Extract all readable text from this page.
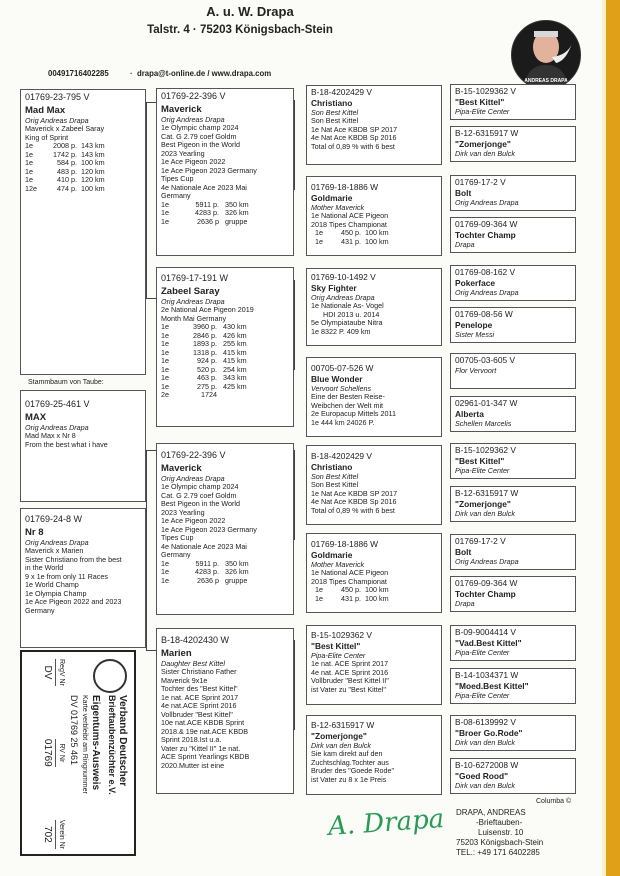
A. u. W. Drapa
Talstr. 4 · 75203 Königsbach-Stein
00491716402285	·  drapa@t-online.de / www.drapa.com
ANDREAS DRAPA
01769-23-795 V
Mad Max
Orig Andreas Drapa
Maverick x Zabeel Saray
King of Sprint
1e	2008 p. 143 km
1e	1742 p. 143 km
1e	584 p. 100 km
1e	483 p. 120 km
1e	410 p. 120 km
12e	474 p. 100 km
Stammbaum von Taube:
01769-25-461 V
MAX
Orig Andreas Drapa
Mad Max x Nr 8
From the best what i have
01769-24-8 W
Nr 8
Orig Andreas Drapa
Maverick x Marien
Sister Christiano from the best
in the World
9 x 1e from only 11 Races
1e World Champ
1e Olympia Champ
1e Ace Pigeon 2022 and 2023
Germany
01769-22-396 V
Maverick
Orig Andreas Drapa
1e Olympic champ 2024
Cat. G 2.79 coef Goldm
Best Pigeon in the World
2023 Yearling
1e Ace Pigeon 2022
1e Ace Pigeon 2023 Germany
Tipes Cup
4e Nationale Ace 2023 Mai
Germany
1e	5911 p. 350 km
1e	4283 p. 326 km
1e	2636 p gruppe
01769-17-191 W
Zabeel Saray
Orig Andreas Drapa
2e National Ace Pigeon 2019
Month Mai Germany
1e	3960 p. 430 km
1e	2846 p. 426 km
1e	1893 p. 255 km
1e	1318 p. 415 km
1e	924 p. 415 km
1e	520 p. 254 km
1e	463 p. 343 km
1e	275 p. 425 km
2e	1724
01769-22-396 V
Maverick
Orig Andreas Drapa
1e Olympic champ 2024
Cat. G 2.79 coef Goldm
Best Pigeon in the World
2023 Yearling
1e Ace Pigeon 2022
1e Ace Pigeon 2023 Germany
Tipes Cup
4e Nationale Ace 2023 Mai
Germany
1e	5911 p. 350 km
1e	4283 p. 326 km
1e	2636 p gruppe
B-18-4202430 W
Marien
Daughter Best Kittel
Sister Christiano Father
Maverick 9x1e
Tochter des "Best Kittel"
1e nat. ACE Sprint 2017
4e nat.ACE Sprint 2016
Vollbruder "Best Kittel"
10e nat.ACE KBDB Sprint
2018.& 19e nat.ACE KBDB
Sprint 2018.Ist u.a.
Vater zu "Kittel II" 1e nat.
ACE Sprint Yearlings KBDB
2020.Mutter ist eine
B-18-4202429 V
Christiano
Son Best Kittel
Son Best Kittel
1e Nat Ace KBDB SP 2017
4e Nat Ace KBDB Sp 2016
Total of 0,89 % with 6 best
01769-18-1886 W
Goldmarie
Mother Maverick
1e National ACE Pigeon
2018 Tipes Championat
1e	450 p. 100 km
1e	431 p. 100 km
01769-10-1492 V
Sky Fighter
Orig Andreas Drapa
1e Nationale As- Vogel
HDI 2013 u. 2014
5e Olympiataube Nitra
1e 8322 P. 409 km
00705-07-526 W
Blue Wonder
Vervoort Schellens
Eine der Besten Reise-
Weibchen der Welt mit
2e Europacup Mittels 2011
1e 444 km 24026 P.
B-18-4202429 V
Christiano
Son Best Kittel
Son Best Kittel
1e Nat Ace KBDB SP 2017
4e Nat Ace KBDB Sp 2016
Total of 0,89 % with 6 best
01769-18-1886 W
Goldmarie
Mother Maverick
1e National ACE Pigeon
2018 Tipes Championat
1e	450 p. 100 km
1e	431 p. 100 km
B-15-1029362 V
"Best Kittel"
Pipa-Elite Center
1e nat. ACE Sprint 2017
4e nat. ACE Sprint 2016
Vollbruder "Best Kittel II"
ist Vater zu "Best Kittel"
B-12-6315917 W
"Zomerjonge"
Dirk van den Bulck
Sie kam direkt auf den
Zuchtschlag.Tochter aus
Bruder des "Goede Rode"
ist Vater zu 8 x 1e Preis
B-15-1029362 V
"Best Kittel"
Pipa-Elite Center
B-12-6315917 W
"Zomerjonge"
Dirk van den Bulck
01769-17-2 V
Bolt
Orig Andreas Drapa
01769-09-364 W
Tochter Champ
Drapa
01769-08-162 V
Pokerface
Orig Andreas Drapa
01769-08-56 W
Penelope
Sister Messi
00705-03-605 V
Flor Vervoort
02961-01-347 W
Alberta
Schellen Marcelis
B-15-1029362 V
"Best Kittel"
Pipa-Elite Center
B-12-6315917 W
"Zomerjonge"
Dirk van den Bulck
01769-17-2 V
Bolt
Orig Andreas Drapa
01769-09-364 W
Tochter Champ
Drapa
B-09-9004414 V
"Vad.Best Kittel"
Pipa-Elite Center
B-14-1034371 W
"Moed.Best Kittel"
Pipa-Elite Center
B-08-6139992 V
"Broer Go.Rode"
Dirk van den Bulck
B-10-6272008 W
"Goed Rood"
Dirk van den Bulck
Verband Deutscher
Brieftaubenzüchter e.V.
Eigentums-Ausweis
Karte verbleibt am Ringnummer
DV 01769 25 461
RegV Nr
DV
RV Nr
01769
Verein Nr
702
Columba ©
DRAPA, ANDREAS
-Brieftauben-
Luisenstr. 10
75203 Königsbach-Stein
TEL.: +49 171 6402285
A. Drapa
